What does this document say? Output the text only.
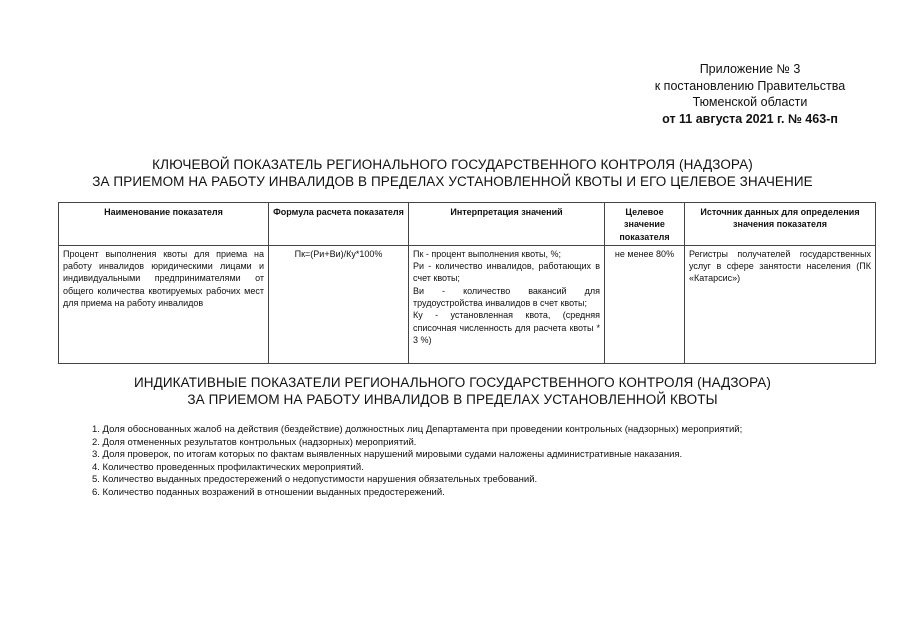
Приложение № 3
к постановлению Правительства
Тюменской области
от 11 августа 2021 г. № 463-п
КЛЮЧЕВОЙ ПОКАЗАТЕЛЬ РЕГИОНАЛЬНОГО ГОСУДАРСТВЕННОГО КОНТРОЛЯ (НАДЗОРА)
ЗА ПРИЕМОМ НА РАБОТУ ИНВАЛИДОВ В ПРЕДЕЛАХ УСТАНОВЛЕННОЙ КВОТЫ И ЕГО ЦЕЛЕВОЕ ЗНАЧЕНИЕ
Наименование показателя	Формула расчета показателя	Интерпретация значений	Целевое значение показателя	Источник данных для определения значения показателя
Процент выполнения квоты для приема на работу инвалидов юридическими лицами и индивидуальными предпринимателями от общего количества квотируемых рабочих мест для приема на работу инвалидов	Пк=(Ри+Ви)/Ку*100%	Пк - процент выполнения квоты, %;
Ри - количество инвалидов, работающих в счет квоты;
Ви - количество вакансий для трудоустройства инвалидов в счет квоты;
Ку - установленная квота, (средняя списочная численность для расчета квоты * 3 %)	не менее 80%	Регистры получателей государственных услуг в сфере занятости населения (ПК «Катарсис»)
ИНДИКАТИВНЫЕ ПОКАЗАТЕЛИ РЕГИОНАЛЬНОГО ГОСУДАРСТВЕННОГО КОНТРОЛЯ (НАДЗОРА)
ЗА ПРИЕМОМ НА РАБОТУ ИНВАЛИДОВ В ПРЕДЕЛАХ УСТАНОВЛЕННОЙ КВОТЫ
1. Доля обоснованных жалоб на действия (бездействие) должностных лиц Департамента при проведении контрольных (надзорных) мероприятий;
2. Доля отмененных результатов контрольных (надзорных) мероприятий.
3. Доля проверок, по итогам которых по фактам выявленных нарушений мировыми судами наложены административные наказания.
4. Количество проведенных профилактических мероприятий.
5. Количество выданных предостережений о недопустимости нарушения обязательных требований.
6. Количество поданных возражений в отношении выданных предостережений.
